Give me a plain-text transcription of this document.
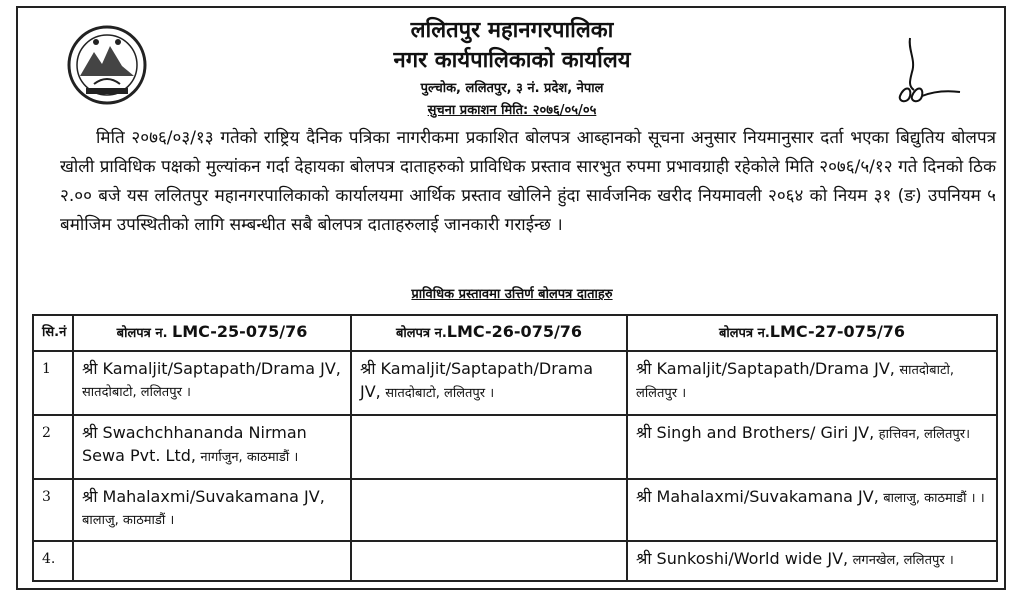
ललितपुर महानगरपालिका
नगर कार्यपालिकाको कार्यालय
पुल्चोक, ललितपुर, ३ नं. प्रदेश, नेपाल
सुचना प्रकाशन मिति: २०७६/०५/०५

मिति २०७६/०३/१३ गतेको राष्ट्रिय दैनिक पत्रिका नागरीकमा प्रकाशित बोलपत्र आब्हानको सूचना अनुसार नियमानुसार दर्ता भएका बिद्युतिय बोलपत्र खोली प्राविधिक पक्षको मुल्यांकन गर्दा देहायका बोलपत्र दाताहरुको प्राविधिक प्रस्ताव सारभुत रुपमा प्रभावग्राही रहेकोले मिति २०७६/५/१२ गते दिनको ठिक २.०० बजे यस ललितपुर महानगरपालिकाको कार्यालयमा आर्थिक प्रस्ताव खोलिने हुंदा सार्वजनिक खरीद नियमावली २०६४ को नियम ३१ (ङ) उपनियम ५ बमोजिम उपस्थितीको लागि सम्बन्धीत सबै बोलपत्र दाताहरुलाई जानकारी गराईन्छ ।

प्राविधिक प्रस्तावमा उत्तिर्ण बोलपत्र दाताहरु
सि.नं	बोलपत्र न. LMC-25-075/76	बोलपत्र न.LMC-26-075/76	बोलपत्र न.LMC-27-075/76
1	श्री Kamaljit/Saptapath/Drama JV, सातदोबाटो, ललितपुर ।	श्री Kamaljit/Saptapath/Drama JV, सातदोबाटो, ललितपुर ।	श्री Kamaljit/Saptapath/Drama JV, सातदोबाटो, ललितपुर ।
2	श्री Swachchhananda Nirman Sewa Pvt. Ltd, नार्गाजुन, काठमाडौं ।		श्री Singh and Brothers/ Giri JV, हात्तिवन, ललितपुर।
3	श्री Mahalaxmi/Suvakamana JV, बालाजु, काठमाडौं ।		श्री Mahalaxmi/Suvakamana JV, बालाजु, काठमाडौं । ।
4.			श्री Sunkoshi/World wide JV, लगनखेल, ललितपुर ।
